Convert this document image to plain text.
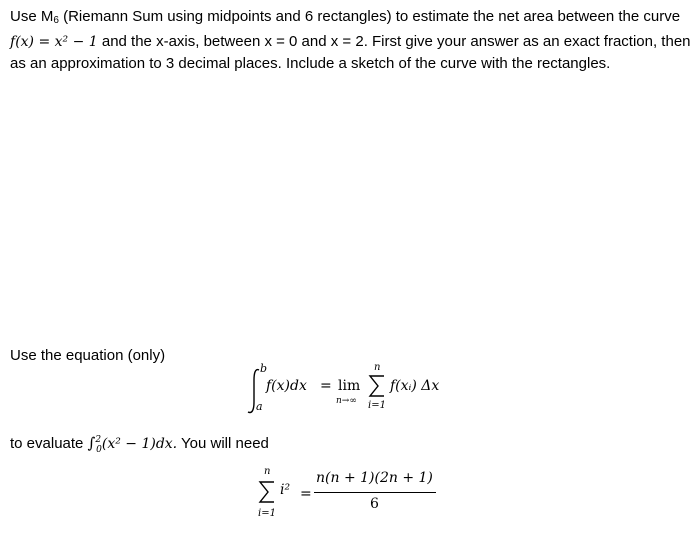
Use $M_6$ (Riemann Sum using midpoints and 6 rectangles) to estimate the net area between the curve f(x) = x² − 1 and the x-axis, between x = 0 and x = 2. First give your answer as an exact fraction, then as an approximation to 3 decimal places. Include a sketch of the curve with the rectangles.

Use the equation (only)

b
a
f(x)dx = lim
n→∞
n
i=1
f(xᵢ) Δx

to evaluate ∫$^2_0$(x² − 1)dx. You will need

n
i=1
i² =
n(n + 1)(2n + 1)
6
